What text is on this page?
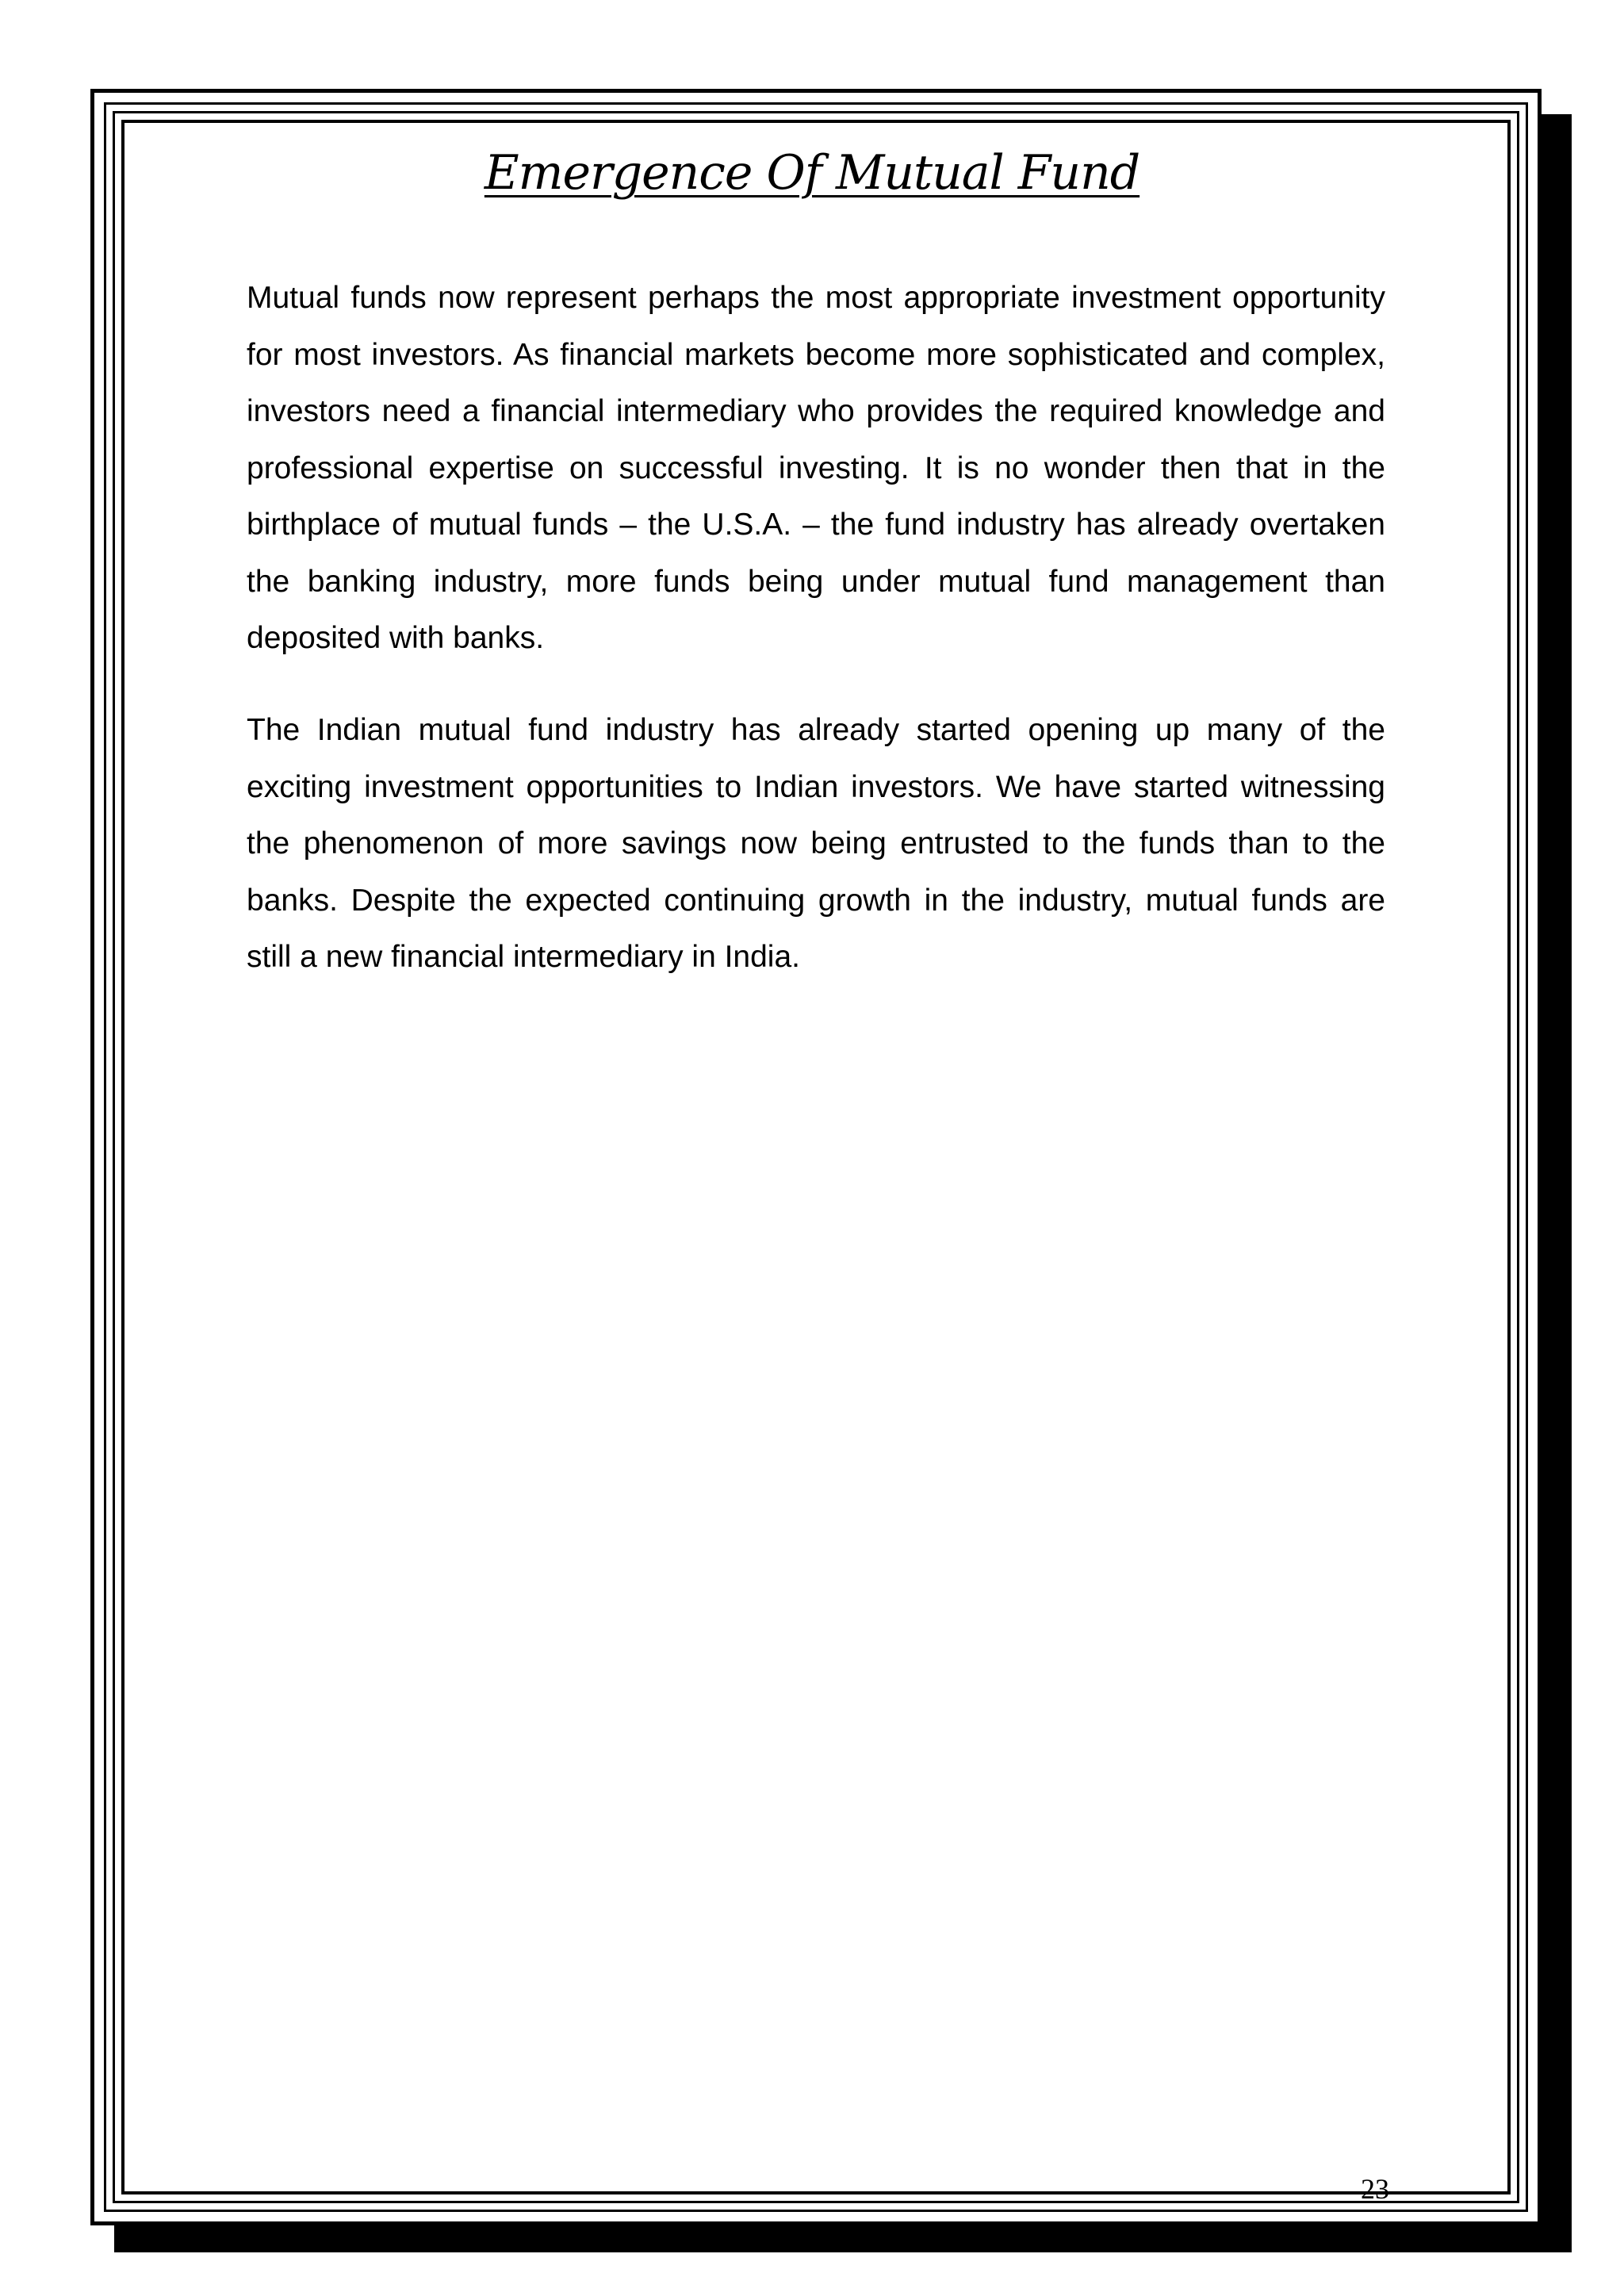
Emergence Of Mutual Fund

Mutual funds now represent perhaps the most appropriate investment opportunity for most investors. As financial markets become more sophisticated and complex, investors need a financial intermediary who provides the required knowledge and professional expertise on successful investing. It is no wonder then that in the birthplace of mutual funds – the U.S.A. – the fund industry has already overtaken the banking industry, more funds being under mutual fund management than deposited with banks.

The Indian mutual fund industry has already started opening up many of the exciting investment opportunities to Indian investors. We have started witnessing the phenomenon of more savings now being entrusted to the funds than to the banks. Despite the expected continuing growth in the industry, mutual funds are still a new financial intermediary in India.

23
